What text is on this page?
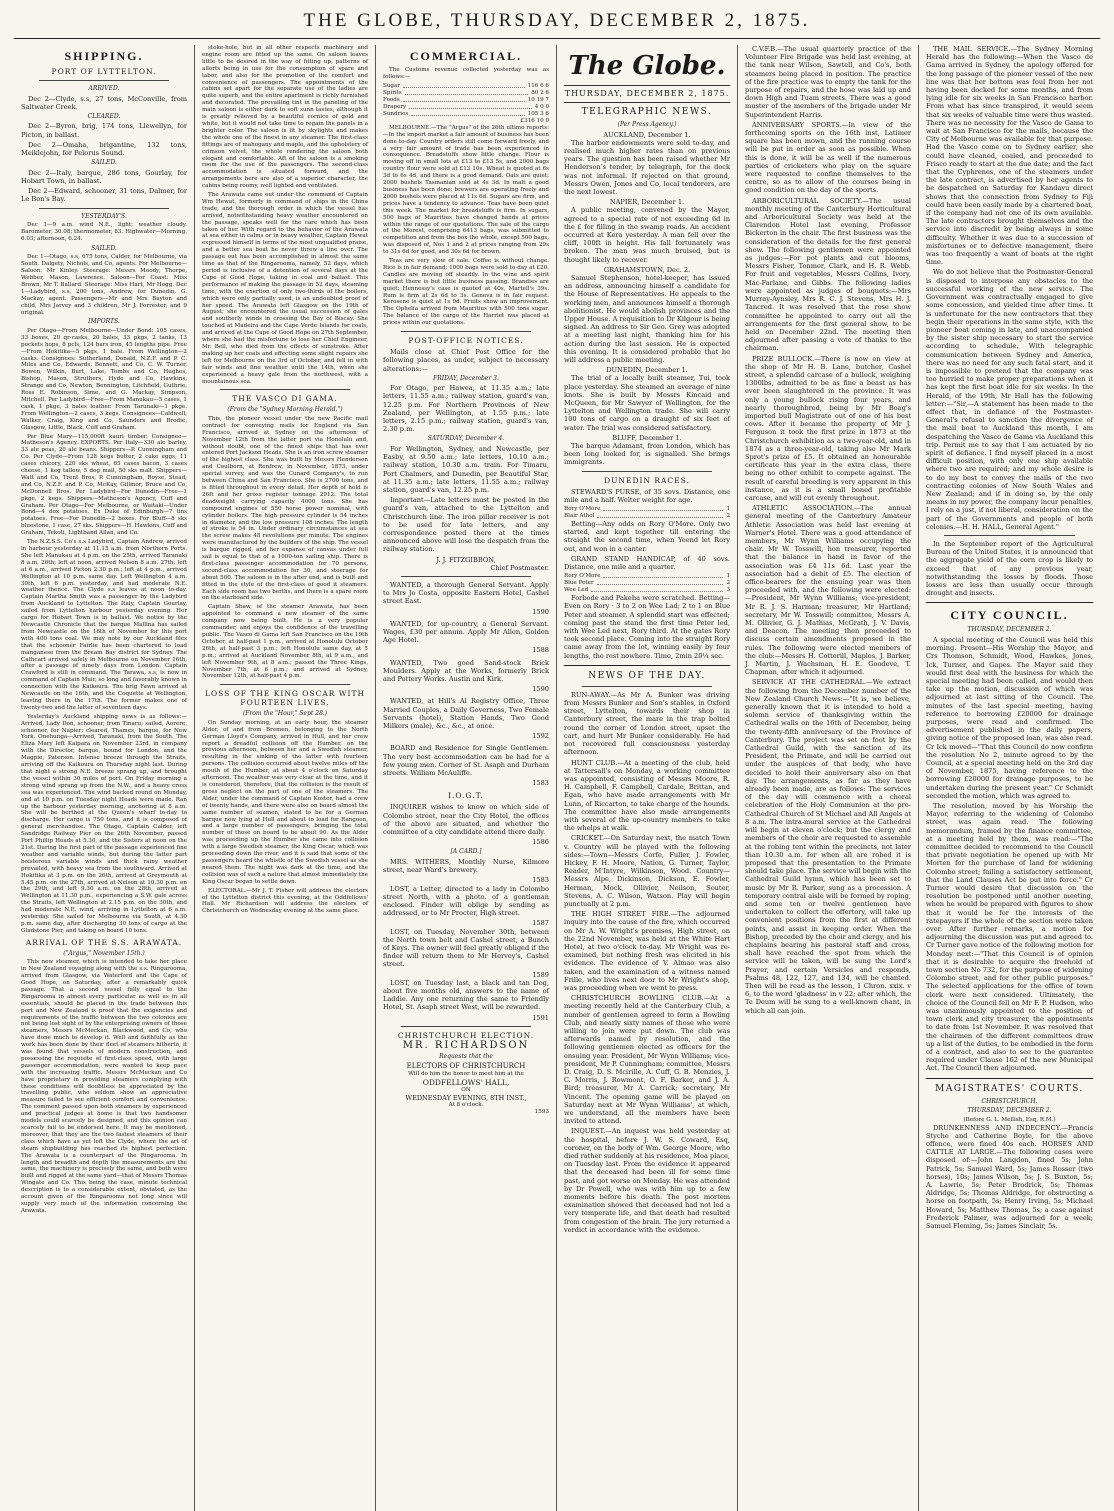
THE GLOBE, THURSDAY, DECEMBER 2, 1875.
SHIPPING.
PORT OF LYTTELTON.
ARRIVED.

Dec 2—Clyde, s.s, 27 tons, McConville, from Saltwater Creek.

CLEARED.

Dec 2—Byron, brig, 174 tons, Llewellyn, for Picton, in ballast.

Dec 2—Omaha, brigantine, 132 tons, Meiklejohn, for Pelorus Sound.

SAILED.

Dec 2—Italy, barque, 286 tons, Gourlay, for Hobart Town, in ballast.

Dec 2—Edward, schooner, 31 tons, Dalmer, for Le Bon's Bay.

YESTERDAY'S.

Dec 1—9 a.m. wind N.E., light; weather cloudy. Barometer, 30.08; thermometer, 83. Highwater—Morning, 6.03; afternoon, 6.24.

SAILED.

Dec 1—Otago, s.s, 675 tons, Calder, for Melbourne, via South. Dalgety, Nichols, and Co, agents. For Melbourne—Saloon: Mr Kinley. Steerage: Messrs Moody, Thorpe, Webber, Mason, Lawrence. Saloon—For Coast: Miss Brown, Mr T. Ballard. Steerage: Miss Hart, Mr Hogg. Dec 1—Ladybird, s.s, 200 tons, Andrew, for Dunedin. G. Mackay, agent. Passengers—Mr and Mrs Bayton and child, Mrs Jarvey and 3 children, Mr J. Forrester, and 9 original.

IMPORTS.

Per Otago—From Melbourne—Under Bond: 105 cases, 33 boxes, 20 qr-casks, 20 bales, 33 pkgs, 2 tanks, 13 pockets hops, 8 pcls, 124 bars iron, 45 lengths pipe. Free—From Hokitika—5 pkgs, 1 bale. From Wellington—2 casks. Consignees: Sutherland, Donald, N.Z.F. and P. C. Miles and Co, Edwards, Bennett, and Co, C. W. Turner, Bowen, Wilkin, Burt, Lake, Tombs and Co, Hughes, Bishop, Mason, Struthers, Hyde and Co, Hawkins, Strange and Co, Newton, Bennington, Litchfield, Guthrie, Ross E. Robinson, Sime, and G. Mackay, Simpson, Mitchell. Per Ladybird—Free—From Manukau—5 cases, 1 cask, 1 pkge, 3 bales leather. From Tarunaki—1 pkge. From Wellington—2 cases, 3 kegs. Consignees—Caldwell, Walker, Craig, King and Co, Saunders and Brodie, Glasgow, Little, Black, Cuff and Graham.

Per Blue Mary—115,000ft kauri timber. Consignee—Matheson's Agency. EXPORTS. Per Italy—330 ale barley, 33 ale peas, 20 ale beans. Shippers—P. Cunningham and Co. Per Clyde—From 128 kegs butter, 2 cake eggs, 11 cases chicory, 220 sks wheat, 65 cases bacon, 3 cases cheese, 1 keg tallow, 5 dog mail, 50 sks malt. Shippers—Watt and Co, Trent Bros, P. Cunningham, Royse, Stead, and Co, N.Z.F. and P. Co, McKay, Gillmor, Bruce and Co, McDonnell Bros. Per Ladybird—For Dunedin—Free—1 pkge, 2 kegs. Shippers—Matheson's Agency, Cuff and Graham. Per Otago—For Melbourne, or Waitaki—Under Bond—4 dox potatoes. Ex Duke of Edinburgh—7 tins potatoes. Free—For Dunedin—2 boxes. For Bluff—8 sks bluestone, 1 case, 27 sks. Shippers—H. Hawkins, Cuff and Graham, Tekoti, Lightband Allan, and Co.

The N.Z.S.S. Co's s.s Ladybird, Captain Andrew, arrived in harbour yesterday at 11.15 a.m. from Northern Ports. She left Manukau at 4 p.m. on the 25th, arrived Taranaki 8 a.m. 26th; left at noon, arrived Nelson 8 a.m. 27th; left at 6 a.m., arrived Picton 2.30 p.m.; left at 4 p.m., arrived Wellington at 10 p.m. same day. Left Wellington 4 a.m. 30th, left 6 p.m. yesterday, and had moderate N.E. weather thence. The Clyde s.s leaves at noon to-day. Captain Martha Smith was a passenger by the Ladybird from Auckland to Lyttelton. The Italy, Captain Gourlay, sailed from Lyttelton harbour yesterday evening. Her cargo for Hobart Town is in ballast. We notice by the Newcastle Chronicle that the barque Mallina has sailed from Newcastle on the 16th of November for this port with 400 tons coal. We may note by our Auckland files that the schooner Fairlie has been chartered to load manganese from the Bream Bay district for Sydney. The Cathcart arrived safely in Melbourne on November 16th, after a passage of ninety days from London. Captain Crawford is still in command. The Tarawa, s.s, is now in command of Captain Muir, so long and favorably known in connection with the Kaikoura. The brig Fawn arrived at Newcastle on the 16th, and the Coquette at Wellington, leaving there in the 17th. The former makes one of twenty-two and the latter of seventeen days.

Yesterday's Auckland shipping news is as follows:—Arrived, Lady Don, schooner, from Tinaru; sailed, Aorere, schooner, for Napier; cleared, Thames, barque, for New York. Onehunga—Arrived, Taranaki, from the South. The Eliza Mary left Kaipara on November 23rd, in company with the Director, barque, bound for London, and the Magpie, Paterson. Intense breeze through the Straits, arriving off the Kaikoura on Thursday night last. During that night a strong N.E. breeze sprang up, and brought the vessel within 30 miles of port. On Friday morning a strong wind sprang up from the N.W., and a heavy cross sea was experienced. The wind backed round on Monday, and at 10 p.m. on Tuesday night Heads were made. Ran up the harbour yesterday morning, anchoring at 8 a.m. She will be berthed at the Queen's wharf to-day to discharge. Her cargo is 750 tons, and it is composed of general merchandise. The Otago, Captain Calder, left Sandridge Railway Pier on the 26th November, passed Port Phillip Heads at 5.30, and the Sisters at noon on the 21st. During the first part of the passage experienced fine weather and variable winds, but during the latter part boisterous variable winds and thick rainy weather prevailed, with heavy sea from the southward. Arrived at Hokitika at 3 p.m. on the 26th, arrived at Greymouth at 5.45 p.m. on the 27th, arrived at Nelson at 10.30 p.m. on the 29th, and left 9.30 a.m. on the 28th, arrived at Wellington at 11.30 p.m., experiencing a S.W. gale across the Straits, left Wellington at 2.15 p.m. on the 30th, and had moderate N.E. wind, arriving in Lyttelton at 6 a.m. yesterday. She sailed for Melbourne via South, at 4.30 p.m. same day, after discharging 30 tons of cargo at the Gladstone Pier, and taking on board 10 tons.

ARRIVAL OF THE S.S. ARAWATA.
("Argus," November 15th.)

This new steamer, which is intended to take her place in New Zealand voyaging along with the s.s. Ringarooma, arrived from Glasgow, via Waterford and the Cape of Good Hope, on Saturday, after a remarkably quick passage. That a second vessel fully equal to the Ringarooma in almost every particular as well as in all essentials, should be placed in the trade between this port and New Zealand is proof that the exigencies and requirements of the traffic between the two colonies are not being lost sight of by the enterprising owners of those steamers, Messrs McMeckan, Blackwood, and Co, who have done much to develop it. Well and faithfully as the work has been done by their fleet of steamers hitherto, it was found that vessels of modern construction, and possessing the requisite of first-class speed, with large passenger accommodation, were wanted to keep pace with the increasing traffic. Messrs McMeckan and Co have proprietary in providing steamers complying with these conditions will doubtless be appreciated by the travelling public, who seldom show an appreciative measure failed to see efficient comfort and convenience. The comment passed upon both steamers by experienced and practical judges at home is that two handsomer models could scarcely be designed, and this opinion can scarcely fail to be endorsed here. It may be mentioned, moreover, that they are the two fastest steamers of their class which have as yet left the Clyde, where the art of steam shipbuilding has reached its highest perfection. The Arawata is a counterpart of the Ringarooma. In length and breadth and depth the measurements are the same, the machinery is precisely the same, and both were built and rigged at the same yard—that of Messrs Thomas Wingate and Co. This being the case, minute technical description is to a considerable extent, obviated, as the account given of the Ringarooma not long since will supply very much of the information concerning the Arawata.

stoke-hole, but in all other respects machinery and engine room are fitted up the same. On saloon leaves little to be desired in the way of fitting up, patterns of allorts being in use for the consumption of spare and labor, and also for the promotion of the comfort and convenience of passengers. The appointments of the cabins set apart for the separate use of the ladies are quite superb, and the entire apartment is richly furnished and decorated. The prevailing tint in the paneling of the main saloon is either dark to soft sunn tastes, although it is greatly relieved by a beautiful cornice of gold and white, but it would not take time to regain the panels in a brighter color. The saloon is lit by skylights and makes the whole one of the finest in any steamer. The first-class fittings are of mahogany and maple, and the upholstery of crimson velvet, the whole rendering the saloon both elegant and comfortable. Aft of the saloon is a smoking room for the use of the passengers. The second-class accommodation is situated forward, and the arrangements here are also of a superior character, the cabins being roomy, well lighted and ventilated.

The Arawata came out under the command of Captain Wm Hewat, formerly in command of ships in the China trade, and the thorough order in which the vessel has arrived, notwithstanding heavy weather encountered on the passage, speaks well for the care which has been taken of her. With regard to the behavior of the Arawata at sea either in calms or in heavy weather, Captain Hewat expressed himself in terms of the most unqualified praise, and a better sea boat he never threw a line over. The passage out has been accomplished in almost the same time as that of the Ringarooma, namely, 52 days, which period is inclusive of a detention of several days at the Cape of Good Hope, taking in coal and ballast. This performance of making the passage in 52 days, steaming time, with the exertion of only two-thirds of the boilers, which were only partially used, is an undoubted proof of her speed. The Arawata left Glasgow on the 19th of August; she encountered the usual succession of gales and southerly winds in crossing the Bay of Biscay. She touched at Madeira and the Cape Verde Islands for coals, and arrived at the Cape of Good Hope on 27th September, where she had the misfortune to lose her Chief Engineer, Mr. Bell, who died from the effects of sunstroke. After making up her coals and effecting some slight repairs she left for Melbourne on the 3rd of October, and fell in with fair winds and fine weather until the 14th, when she experienced a heavy gale from the northwest, with a mountainous sea.

THE VASCO DI GAMA.
(From the "Sydney Morning Herald.")

This, the pioneer vessel under the new Pacific mail contract for conveying mails for England via San Francisco, arrived at Sydney on the afternoon of November 12th from the latter port via Honolulu and, without doubt, one of the finest ships that has ever entered Port Jackson Heads. She is an iron screw steamer of the highest class. She was built by Messrs Henderson and Coulborn, at Renfrew, in November, 1873, under special survey, and was the Cunard Company's, to run between China and San Francisco. She is 2700 tons, and is fitted throughout in every detail. Her depth of hold is 26ft and her gross register tonnage 2912. The total deadweight carrying capacity 4000 tons. She has compound engines of 550 horse power nominal, with cylinder boilers. The high pressure cylinder is 54 inches in diameter, and the low pressure 108 inches. The length of stroke is 54 in. Under ordinary circumstances at sea the screw makes 48 revolutions per minute. The engines were manufactured by the builders of the ship. The vessel is barque rigged, and her expanse of canvas under full sail is equal to that of a 1000-ton sailing ship. There is first-class passenger accommodation for 70 persons, second-class accommodation for 30, and steerage for about 500. The saloon is in the after end, and is built and fitted in the style of the first-class of good it steamers. Each side room has two berths, and there is a spare room on the starboard side.

Captain Shaw, of the steamer Arawata, has been appointed to command a new steamer of the same company now being built. He is a very popular commander, and enjoys the confidence of the travelling public. The Vasco di Gama left San Francisco on the 19th October, at half-past 1 p.m., arrived at Honolulu October 26th, at half-past 3 p.m.; left Honolulu same day, at 5 p.m.; arrived at Auckland November 8th, at 9 a.m., and left November 9th, at 8 a.m.; passed the Three Kings, November 7th, at 6 p.m.; and arrived at Sydney, November 12th, at half-past 4 p.m.

LOSS OF THE KING OSCAR WITH FOURTEEN LIVES.
(From the "Hour," Sept 28.)

On Sunday morning, at an early hour, the steamer Alder, of and from Bremen, belonging to the North German Lloyd's Company, arrived in Hull, and her crew report a dreadful collision off the Humber, on the previous afternoon, between her and a Swedish steamer, resulting in the sinking of the latter with fourteen persons. The collision occurred about twelve miles off the mouth of the Humber, at about 4 o'clock on Saturday afternoon. The weather was very clear at the time, and it is considered, therefore, that the collision is the result of gross neglect on the part of one of the steamers. The Alder, under the command of Captain Koster, had a crew of twenty hands, and there were also on board almost the same number of seamen, stated to be for a German barque now lying at Hull and about to load for Rangoon, and a large number of passengers, bringing the total number of those on board to be about 90. As the Alder was proceeding up the Humber she came into collision with a large Swedish steamer, the King Oscar, which was proceeding down the river, and it is said that some of the passengers heard the whistle of the Swedish vessel as she neared them. The night was dark at the time, and the collision was of such a nature that almost immediately the King Oscar began to settle down.

ELECTORAL.—Mr J. T. Fisher will address the electors of the Lyttelton district this evening, at the Oddfellows' Hall. Mr Richardson will address the electors of Christchurch on Wednesday evening at the same place.

COMMERCIAL.

The Customs revenue collected yesterday was as follows:—

Sugar	116 6 6
Spirits	80 2 6
Foods	10 19 7
Drapery	4 0 0
Sundries	105 3 6
£316 10 0

MELBOURNE.—The "Argus" of the 26th ultimo reports:—In the import market a fair amount of business has been done to-day. Country orders still come forward freely, and a very fair amount of trade has been experienced in consequence. Breadstuffs show little change. Flour is moving off in small lots at £13 to £13 5s, and 2000 bags country flour were sold at £13 10s. Wheat is quoted at 6s 3d to 6s 4d, and there is a good demand. Oats are quiet; 2000 bushels Tasmanian sold at 4s 3d. In malt a good business has been done; brewers are operating freely and 2000 bushels were placed at 11s 6d. Sugars are firm, and prices have a tendency to advance. Teas have been quiet this week. The market for breadstuffs is firm. In sugars, 500 bags of Mauritius have changed hands at prices within the range of our quotations. The sale of the cargo of the Morest, comprising 6413 bags, was submitted to competition and from the box the whole, except 500 bags, was disposed of, Nos 1 and 2 at prices ranging from 29s to 31s 6d for good, and 30s 6d for brown.

Teas are very slow of sale. Coffee is without change. Rice is in fair demand; 1000 bags were sold to-day at £20. Candles are moving off steadily. In the wine and spirit market there is but little business passing. Brandies are quiet; Hennessy's case is quoted at 40s, Martell's 39s. Rum is firm at 2s 6d to 3s. Geneva is in fair request. Kerosene is quiet at 1s 9d. Fruits show an improvement. The Ophelia arrived from Mauritius with 500 tons sugar. The balance of the cargo of the Harriet was placed at prices within our quotations.

POST-OFFICE NOTICES.

Mails close at Chief Post Office for the following places, as under, subject to necessary alterations:—

FRIDAY, December 3.

For Otago, per Hawea, at 11.35 a.m.; late letters, 11.55 a.m.; railway station, guard's van, 12.25 p.m. For Northern Provinces of New Zealand, per Wellington, at 1.55 p.m.; late letters, 2.15 p.m.; railway station, guard's van, 2.30 p.m.

SATURDAY, December 4.

For Wellington, Sydney, and Newcastle, per Easby, at 9.50 a.m.; late letters, 10.10 a.m.; railway station, 10.30 a.m. train. For Timaru, Port Chalmers, and Dunedin, per Beautiful Star, at 11.35 a.m.; late letters, 11.55 a.m.; railway station, guard's van, 12.25 p.m.

Important—Late letters must be posted in the guard's van, attached to the Lyttelton and Christchurch line. The iron pillar receiver is not to be used for late letters, and any correspondence posted there at the times announced above will lose the despatch from the railway station.

J. J. FITZGIBBON,
Chief Postmaster.

WANTED, a thorough General Servant. Apply to Mrs Jo Costa, opposite Eastern Hotel, Cashel street East.

1590

WANTED, for up-country, a General Servant. Wages, £30 per annum. Apply Mr Allen, Golden Age Hotel.

1588

WANTED, Two good Sand-stock Brick Moulders. Apply at the Works, formerly Brick and Pottery Works. Austin and Kirk.

1590

WANTED, at Hill's Al Registry Office, Three Married Couples, a Daily Governess, Two Female Servants (hotel), Station Hands, Two Good Milkers (male), &c., &c., at once.

1592

BOARD and Residence for Single Gentlemen. The very best accommodation can be had for a few young men. Corner of St. Asaph and Durham streets. William McAuliffe.

1583
I.O.G.T.

INQUIRER wishes to know on which side of Colombo street, near the City Hotel, the offices of the above are situated, and whether the committee of a city candidate attend there daily.

1586
[A CARD.]

MRS. WITHERS, Monthly Nurse, Kilmore street, near Ward's brewery.

1583

LOST, a Letter, directed to a lady in Colombo street North, with a photo. of a gentleman enclosed. Finder will oblige by sending as addressed, or to Mr Procter, High street.

1587

LOST, on Tuesday, November 30th, between the North town belt and Cashel street, a Bunch of Keys. The owner will feel greatly obliged if the finder will return them to Mr Hervey's, Cashel street.

1589

LOST, on Tuesday last, a black and tan Dog, about five months old, answers to the name of Laddie. Any one returning the same to Friendly Hotel, St. Asaph street West, will be rewarded.

1591
CHRISTCHURCH ELECTION.
MR. RICHARDSON
Requests that the
ELECTORS OF CHRISTCHURCH
Will do him the honor to meet him at the
ODDFELLOWS' HALL,
ON
WEDNESDAY EVENING, 8TH INST.,
At 8 o'clock.
1593
The Globe.
THURSDAY, DECEMBER 2, 1875.
TELEGRAPHIC NEWS.
(Per Press Agency.)
AUCKLAND, December 1.

The harbor endowments were sold to-day, and realised much higher rates than on previous years. The question has been raised whether Mr Henderson's tender, by telegraph, for the dock was not informal. If rejected on that ground, Messrs Owen, Jones and Co, local tenderers, are the next lowest.

NAPIER, December 1.

A public meeting, convened by the Mayor, agreed to a special rate of not exceeding 6d in the £ for filling in the swamp roads. An accident occurred at Kera yesterday. A man fell over the cliff, 100ft in height. His fall fortunately was broken. The man was much bruised, but is thought likely to recover.

GRAHAMSTOWN, Dec. 2.

Samuel Stephenson, hotel-keeper, has issued an address, announcing himself a candidate for the House of Representatives. He appeals to the working men, and announces himself a thorough abolitionist. He would abolish provinces and the Upper House. A requisition to Dr Kilgour is being signed. An address to Sir Geo. Grey was adopted at a meeting last night, thanking him for his action during the last session. He is expected this evening. It is considered probable that he will address a public meeting.

DUNEDIN, December 1.

The trial of a locally built steamer, Tui, took place yesterday. She steamed an average of nine knots. She is built by Messrs Kincaid and McQueen, for Mr Sawyer of Wellington, for the Lyttelton and Wellington trade. She will carry 100 tons of cargo on a draught of six feet of water. The trial was considered satisfactory.

BLUFF, December 1.

The barque Adamant, from London, which has been long looked for, is signalled. She brings immigrants.

DUNEDIN RACES.

STEWARD'S PURSE, of 35 sovs. Distance, one mile and a half. Welter weight for age.

Rory O'More	1
Blair Athol	2

Betting—Any odds on Rory O'More. Only two started, and kept together till entering the straight the second time, when Yeend let Rory out, and won in a canter.

GRAND STAND HANDICAP, of 40 sovs. Distance, one mile and a quarter.

Rory O'More	1
Blue Peter	2
Wee Led	3

Forbode and Pakeha were scratched. Betting—Even on Rory · 3 to 2 on Wee Lad; 2 to 1 on Blue Peter and steamer. A splendid start was effected; coming past the stand the first time Peter led, with Wee Led next, Rory third. At the gates Rory took second place. Coming into the straight Rory came away from the lot, winning easily by four lengths, the rest nowhere. Time, 2min 20¼ sec.

NEWS OF THE DAY.

RUN-AWAY.—As Mr A. Bunker was driving from Messrs Bunker and Son's stables, in Oxford street, Lyttelton, towards their shop in Canterbury street, the mare in the trap bolted round the corner of London street, upset the cart, and hurt Mr Bunker considerably. He had not recovered full consciousness yesterday afternoon.

HUNT CLUB.—At a meeting of the club, held at Tattersall's on Monday, a working committee was appointed, consisting of Messrs Moore, R. H. Campbell, F. Campbell, Cardale, Brittan, and Egan, who have made arrangements with Mr Lunn, of Riccarton, to take charge of the hounds. The committee have also made arrangements with several of the up-country members to take the whelps at walk.

CRICKET.—On Saturday next, the match Town v. Country will be played with the following sides:—Town—Messrs Corfe, Fuller, J. Fowler, Hickey, F. H. Moore, Nation, G. Turner, Taylor, Reader, M'Intyre, Wilkinson, Wood. Country—Messrs Alpe, Dickinson, Dickson, E. Fowler, Herman, Mock, Ollivier, Neilson, Souter, Stevens, A. C. Wilson, Watson. Play will begin punctually at 2 p.m.

THE HIGH STREET FIRE.—The adjourned inquiry into the cause of the fire, which occurred on Mr A. W. Wright's premises, High street, on the 22nd November, was held at the White Hart Hotel, at two o'clock to-day. Mr Wright was re-examined, but nothing fresh was elicited in his evidence. The evidence of V. Almao was also taken, and the examination of a witness named Frille, who lives next door to Mr Wright's shop, was proceeding when we went to press.

CHRISTCHURCH BOWLING CLUB.—At a meeting recently held at the Canterbury Club, a number of gentlemen agreed to form a Bowling Club, and nearly sixty names of those who were willing to join were put down. The club was afterwards named by resolution, and the following gentlemen elected as officers for the ensuing year. President, Mr Wynn Williams; vice-president, Mr P. Cunningham; committee, Messrs D. Craig, D. S. Mcirille, A. Cuff, G. B. Menzies, J. C. Morris, J. Rowmont, O. F. Barker, and J. A. Bird; treasurer, Mr A. Carrick; secretary, Mr Vincent. The opening game will be played on Saturday next at Mr Wynn Williams', at which, we understand, all the members have been invited to attend.

INQUEST.—An inquest was held yesterday at the hospital, before J. W. S. Coward, Esq, coroner, on the body of Wm. George Moore, who died rather suddenly at his residence, Moa place, on Tuesday last. From the evidence it appeared that the deceased had been ill for some time past, and got worse on Monday. He was attended by Dr Powell, who was with him up to a few moments before his death. The post mortem examination showed that deceased had not led a very temperate life, and that death had resulted from congestion of the brain. The jury returned a verdict in accordance with the evidence.

C.V.F.B.—The usual quarterly practice of the Volunteer Fire Brigade was held last evening, at the tank near Wilson, Sawtell, and Co's, both steamers being placed in position. The practice of the fire practice was to empty the tank for the purpose of repairs, and the hose was laid up and down High and Tuam streets. There was a good muster of the members of the brigade under Mr Superintendent Harris.

ANNIVERSARY SPORTS.—In view of the forthcoming sports on the 16th inst, Latimer square has been mown, and the running course will be put in order as soon as possible. When this is done, it will be as well if the numerous parties of cricketers who play on the square were requested to confine themselves to the centre, so as to allow of the courses being in good condition on the day of the sports.

ARBORICULTURAL SOCIETY.—The usual monthly meeting of the Canterbury Horticultural and Arboricultural Society was held at the Clarendon Hotel last evening, Professor Bickerton in the chair. The first business was the consideration of the details for the first general show. The following gentlemen were appointed as judges:—For pot plants and cut blooms, Messrs Fisher, Tonmer, Clark, and H. R. Webb. For fruit and vegetables, Messrs Collins, Ivory, Mac-Farlane, and Gibbs. The following ladies were appointed as judges of bouquets:—Mrs Murray-Aynsley, Mrs R. C. J. Stevens, Mrs H. J. Tancred. It was resolved that the rose show committee be appointed to carry out all the arrangements for the first general show, to be held on December 22nd. The meeting then adjourned after passing a vote of thanks to the chairman.

PRIZE BULLOCK.—There is now on view at the shop of Mr H. B. Lane, butcher, Cashel street, a splendid carcase of a bullock, weighing 1300lbs, admitted to be as fine a beast as has ever been slaughtered in the province. It was only a young bullock rising four years, and nearly thoroughbred, being by Mr Boag's imported bull Magistrate out of one of his best cows. After it became the property of Mr J. Ferguson it took the first prize in 1873 at the Christchurch exhibition as a two-year-old, and in 1874 as a three-year-old, taking also Mr Mark Sprot's prize of £5. It obtained an honourable certificate this year in the extra class, there being no other exhibit to compete against. The result of careful breeding is very apparent in this instance, as it is a small boned profitable carcase, and will cut evenly throughout.

ATHLETIC ASSOCIATION.—The annual general meeting of the Canterbury Amateur Athletic Association was held last evening at Warner's Hotel. There was a good attendance of members, Mr Wynn Williams occupying the chair. Mr W. Tosswill, hon treasurer, reported that the balance in hand in favor of the association was £4 11s 6d. Last year the association had a debit of £5. The election of office-bearers for the ensuing year was then proceeded with, and the following were elected:—President, Mr Wynn Williams; vice-president, Mr R. J. S. Harman; treasurer, Mr Hartland; secretary, Mr W. Tosswill; committee, Messrs A. M. Ollivier, G. J. Mathias, McGrath, J. V. Davis, and Deacon. The meeting then proceeded to discuss certain amendments proposed in the rules. The following were elected members of the club:—Messrs H. Cotterill, Maples, J. Barker, J. Martin, J. Wachsman, H. E. Goodeve, T. Chapman, after which it adjourned.

SERVICE AT THE CATHEDRAL.—We extract the following from the December number of the New Zealand Church News:—"It is, we believe, generally known that it is intended to hold a solemn service of thanksgiving within the Cathedral walls on the 16th of December, being the twenty-fifth anniversary of the Province of Canterbury. The project was set on foot by the Cathedral Guild, with the sanction of its President, the Primate, and will be carried out under the auspices of that body, who have decided to hold their anniversary also on that day. The arrangements, as far as they have already been made, are as follows: The services of the day will commence with a choral celebration of the Holy Communion at the pro-Cathedral Church of St Michael and All Angels at 8 a.m. The intra-mural service at the Cathedral will begin at eleven o'clock; but the clergy and members of the choir are requested to assemble at the robing tent within the precincts, not later than 10.30 a.m. for when all are robed it is proposed that the presentation to the Primate should take place. The service will begin with the Cathedral Guild hymn, which has been set to music by Mr R. Parker, sung as a procession. A temporary central aisle will be formed by roping, and some ten or twelve gentlemen have undertaken to collect the offertory, will take up convenient positions from the first at different points, and assist in keeping order. When the Bishop, preceded by the choir and clergy, and his chaplains bearing his pastoral staff and cross, shall have reached the spot from which the service will be taken, will be sung the Lord's Prayer, and certain Versicles and responds, Psalms 48, 122, 127, and 134, will be chanted. Then will be read as the lesson, 1 Chron. xxix. v 6, to the word 'gladness' in v 22; after which, the Te Deum will be sung to a well-known chant, in which all can join.

THE MAIL SERVICE.—The Sydney Morning Herald has the following:—When the Vasco de Gama arrived in Sydney, the apology offered for the long passage of the pioneer vessel of the new line was that her bottom was foul from her not having been docked for some months, and from lying idle for six weeks in San Francisco harbor. From what has since transpired, it would seem that six weeks of valuable time were thus wasted. There was no necessity for the Vasco de Gama to wait at San Francisco for the mails, because the City of Melbourne was available for that purpose. Had the Vasco come on to Sydney earlier, she could have cleaned, coaled, and proceeded to Frisco ready to start at the due date; and the fact that the Cyphrenes, one of the steamers under the late contract, is advertised by her agents to be despatched on Saturday for Kandavu direct shows that the connection from Sydney to Fiji could have been easily made by a chartered boat, if the company had not one of its own available. The late contractors brought themselves and the service into discredit by being always in some difficulty. Whether it was due to a succession of misfortunes or to defective management, there was too frequently a want of boats at the right time.

We do not believe that the Postmaster-General is disposed to interpose any obstacles to the successful working of the new service. The Government was contractually engaged to give some concession, and yielded time after time. It is unfortunate for the new contractors that they begin their operations in the same style, with the pioneer boat coming in late, and unaccompanied by the sister ship necessary to start the service according to schedule. With telegraphic communication between Sydney and America, there was no need for any such fatal start, and it is impossible to pretend that the company was too hurried to make proper preparations when it has kept the first boat idle for six weeks. In the Herald, of the 19th, Mr Hall has the following letter:—"Sir,—A statement has been made to the effect that, in defiance of the Postmaster-General's refusal to sanction the divergence of the mail boat to Auckland this month, I am despatching the Vasco de Gama via Auckland this trip. Permit me to say that I am actuated by no spirit of defiance. I find myself placed in a most difficult position, with only one ship available where two are required; and my whole desire is to do my best to convey the mails of the two contracting colonies of New South Wales and New Zealand; and if in doing so, by the only means in my power, the company incur penalties, I rely on a just, if not liberal, consideration on the part of the Governments and people of both colonies.—H. H. HALL, General Agent."

In the September report of the Agricultural Bureau of the United States, it is announced that the aggregate yield of the corn crop is likely to exceed that of any previous year, notwithstanding the losses by floods. Those losses are less than usually occur through drought and insects.

CITY COUNCIL.
THURSDAY, DECEMBER 2.

A special meeting of the Council was held this morning. Present—His Worship the Mayor, and Crs Thomson, Schmidt, Wood, Hawkes, Jones, Ick, Turner, and Gapes. The Mayor said they would first deal with the business for which the special meeting had been called, and would then take up the motion, discussion of which was adjourned at last sitting of the Council. The minutes of the last special meeting, having reference to borrowing £20000 for drainage purposes, were read and confirmed. The advertisement published in the daily papers, giving notice of the proposed loan, was also read. Cr Ick moved—"That this Council do now confirm the resolution No 2, minute agreed to by the Council, at a special meeting held on the 3rd day of November, 1875, having reference to the borrowing £20000 for drainage purposes, to be undertaken during the present year." Cr Schmidt seconded the motion, which was agreed to.

The resolution, moved by his Worship the Mayor, referring to the widening of Colombo street, was again read. The following memorandum, framed by the finance committee, at a meeting held by them, was read:—"The committee decided to recommend to the Council that private negotiation be opened up with Mr Morten for the purchase of land for widening Colombo street; failing a satisfactory settlement, that the Land Clauses Act be put into force." Cr Turner would desire that discussion on the resolution be postponed until another meeting, when he would be prepared with figures to show that it would be for the interests of the ratepayers if the whole of the section were taken over. After further remarks, a motion for adjourning the discussion was put and agreed to. Cr Turner gave notice of the following motion for Monday next:—"That this Council is of opinion that it is desirable to acquire the freehold of town section No 732, for the purpose of widening Colombo street, and for other public purposes." The selected applications for the office of town clerk were next considered. Ultimately, the choice of the Council fell on Mr F. P. Hudson, who was unanimously appointed to the position of town clerk and city treasurer, the appointments to date from 1st November. It was resolved that the chairmen of the different committees draw up a list of the duties, to be embodied in the form of a contract, and also to see to the guarantee required under Clause 162 of the new Municipal Act. The Council then adjourned.

MAGISTRATES' COURTS.
CHRISTCHURCH.
THURSDAY, DECEMBER 2.
(Before G. L. Mellish, Esq, R.M.)

DRUNKENNESS AND INDECENCY.—Francis Styche and Catherine Boyle, for the above offence, were fined 40s each. HORSES AND CATTLE AT LARGE.—The following cases were disposed of:—John Langdon, fined 5s; John Patrick, 5s; Samuel Ward, 5s; James Rosser (two horses), 10s; James Wilson, 5s; J. S. Buxton, 5s; A. Lawrie, 5s; Peter Brodrick, 5s; Thomas Aldridge, 5s; Thomas Aldridge, for obstructing a horse on footpath, 5s; Henry Irving, 5s; Michael Howard, 5s; Matthew Thomas, 5s; a case against Frederick Palmer, was adjourned for a week; Samuel Fleming, 5s; James Sinclair, 5s.
